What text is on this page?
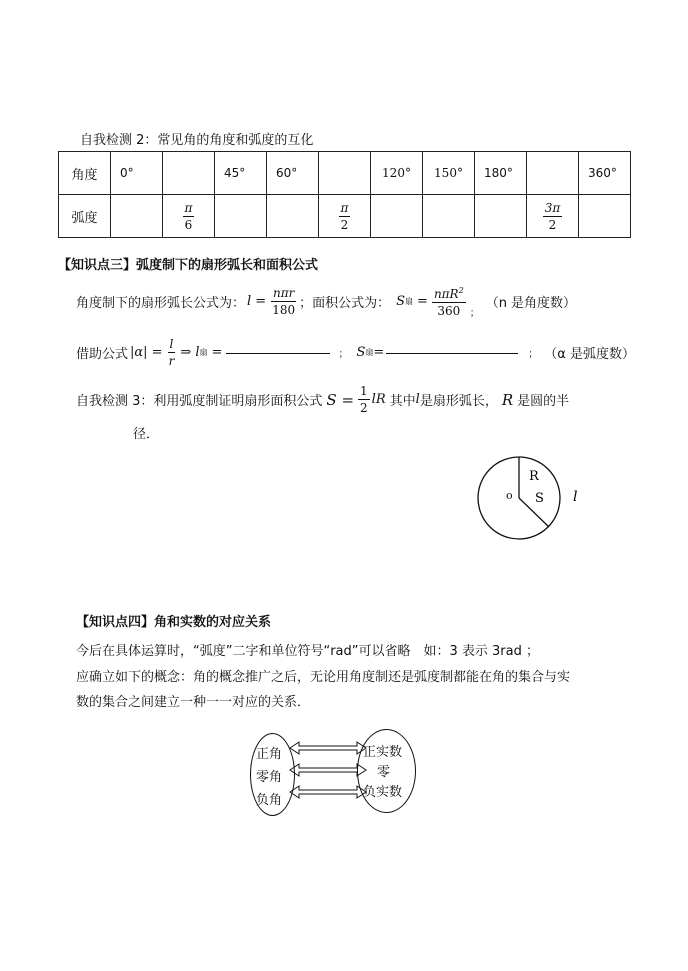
自我检测 2：常见角的角度和弧度的互化
角度	0°		45°	60°		120°	150°	180°		360°
弧度		$\frac{\pi}{6}$			$\frac{\pi}{2}$				$\frac{3\pi}{2}$

【知识点三】弧度制下的扇形弧长和面积公式
角度制下的扇形弧长公式为： $l = \frac{\text{nπr}}{180}$ ；面积公式为： S 扇 = $\frac{n\pi R^2}{360}$ ；
（n 是角度数）
借助公式 $|\alpha| = \frac{l}{r}$ ⇒ l 扇 =	； S 扇 =	； （α 是弧度数）
自我检测 3：利用弧度制证明扇形面积公式 $S = \frac{1}{2}$ lR 其中 l 是扇形弧长， R 是圆的半
径．
o
R
S l
【知识点四】角和实数的对应关系
今后在具体运算时，“弧度”二字和单位符号“rad”可以省略　如：3 表示 3rad ；
应确立如下的概念：角的概念推广之后，无论用角度制还是弧度制都能在角的集合与实
数的集合之间建立一种一一对应的关系．
正角
零角
负角
正实数
零
负实数
